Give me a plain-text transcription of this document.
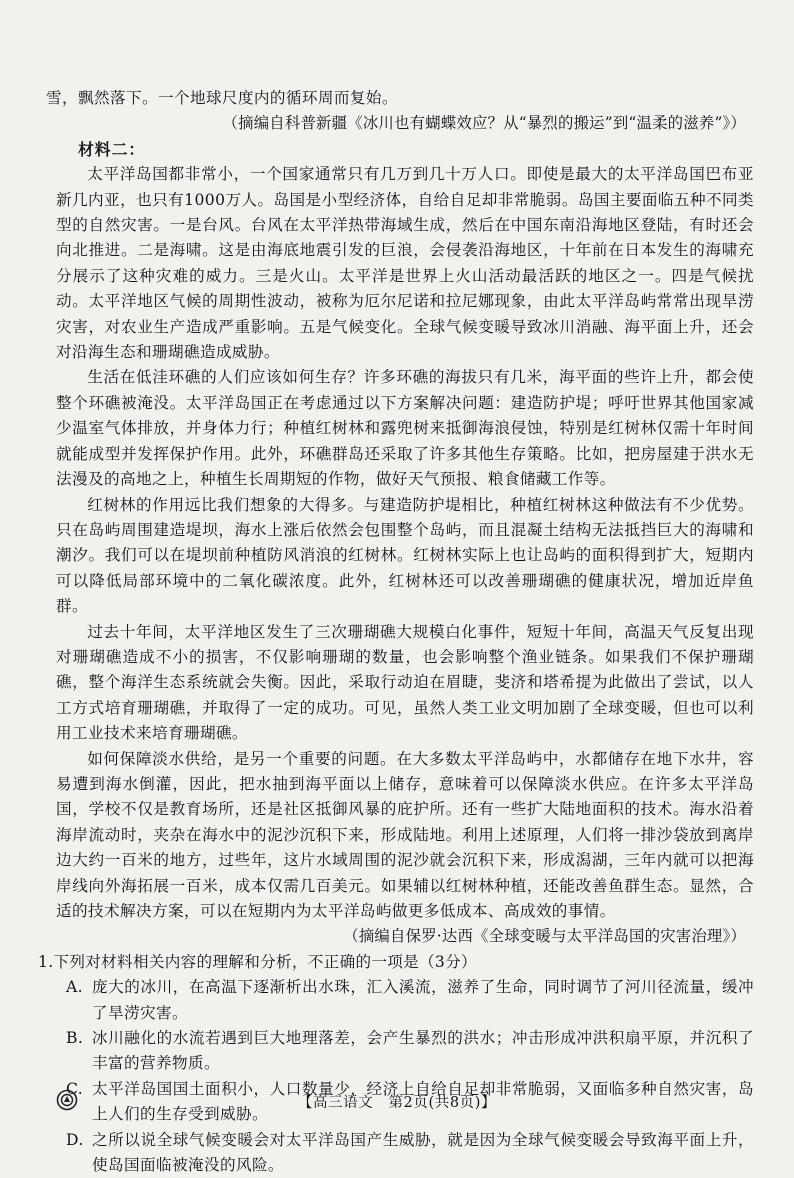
雪，飘然落下。一个地球尺度内的循环周而复始。

（摘编自科普新疆《冰川也有蝴蝶效应？从“暴烈的搬运”到“温柔的滋养”》）

材料二：

太平洋岛国都非常小，一个国家通常只有几万到几十万人口。即使是最大的太平洋岛国巴布亚新几内亚，也只有1000万人。岛国是小型经济体，自给自足却非常脆弱。岛国主要面临五种不同类型的自然灾害。一是台风。台风在太平洋热带海域生成，然后在中国东南沿海地区登陆，有时还会向北推进。二是海啸。这是由海底地震引发的巨浪，会侵袭沿海地区，十年前在日本发生的海啸充分展示了这种灾难的威力。三是火山。太平洋是世界上火山活动最活跃的地区之一。四是气候扰动。太平洋地区气候的周期性波动，被称为厄尔尼诺和拉尼娜现象，由此太平洋岛屿常常出现旱涝灾害，对农业生产造成严重影响。五是气候变化。全球气候变暖导致冰川消融、海平面上升，还会对沿海生态和珊瑚礁造成威胁。

生活在低洼环礁的人们应该如何生存？许多环礁的海拔只有几米，海平面的些许上升，都会使整个环礁被淹没。太平洋岛国正在考虑通过以下方案解决问题：建造防护堤；呼吁世界其他国家减少温室气体排放，并身体力行；种植红树林和露兜树来抵御海浪侵蚀，特别是红树林仅需十年时间就能成型并发挥保护作用。此外，环礁群岛还采取了许多其他生存策略。比如，把房屋建于洪水无法漫及的高地之上，种植生长周期短的作物，做好天气预报、粮食储藏工作等。

红树林的作用远比我们想象的大得多。与建造防护堤相比，种植红树林这种做法有不少优势。只在岛屿周围建造堤坝，海水上涨后依然会包围整个岛屿，而且混凝土结构无法抵挡巨大的海啸和潮汐。我们可以在堤坝前种植防风消浪的红树林。红树林实际上也让岛屿的面积得到扩大，短期内可以降低局部环境中的二氧化碳浓度。此外，红树林还可以改善珊瑚礁的健康状况，增加近岸鱼群。

过去十年间，太平洋地区发生了三次珊瑚礁大规模白化事件，短短十年间，高温天气反复出现对珊瑚礁造成不小的损害，不仅影响珊瑚的数量，也会影响整个渔业链条。如果我们不保护珊瑚礁，整个海洋生态系统就会失衡。因此，采取行动迫在眉睫，斐济和塔希提为此做出了尝试，以人工方式培育珊瑚礁，并取得了一定的成功。可见，虽然人类工业文明加剧了全球变暖，但也可以利用工业技术来培育珊瑚礁。

如何保障淡水供给，是另一个重要的问题。在大多数太平洋岛屿中，水都储存在地下水井，容易遭到海水倒灌，因此，把水抽到海平面以上储存，意味着可以保障淡水供应。在许多太平洋岛国，学校不仅是教育场所，还是社区抵御风暴的庇护所。还有一些扩大陆地面积的技术。海水沿着海岸流动时，夹杂在海水中的泥沙沉积下来，形成陆地。利用上述原理，人们将一排沙袋放到离岸边大约一百米的地方，过些年，这片水域周围的泥沙就会沉积下来，形成潟湖，三年内就可以把海岸线向外海拓展一百米，成本仅需几百美元。如果辅以红树林种植，还能改善鱼群生态。显然，合适的技术解决方案，可以在短期内为太平洋岛屿做更多低成本、高成效的事情。

（摘编自保罗·达西《全球变暖与太平洋岛国的灾害治理》）

1.下列对材料相关内容的理解和分析，不正确的一项是（3分）

A. 庞大的冰川，在高温下逐渐析出水珠，汇入溪流，滋养了生命，同时调节了河川径流量，缓冲了旱涝灾害。
B. 冰川融化的水流若遇到巨大地理落差，会产生暴烈的洪水；冲击形成冲洪积扇平原，并沉积了丰富的营养物质。
C. 太平洋岛国国土面积小，人口数量少，经济上自给自足却非常脆弱，又面临多种自然灾害，岛上人们的生存受到威胁。
D. 之所以说全球气候变暖会对太平洋岛国产生威胁，就是因为全球气候变暖会导致海平面上升，使岛国面临被淹没的风险。
【高三语文　第2页(共8页)】
